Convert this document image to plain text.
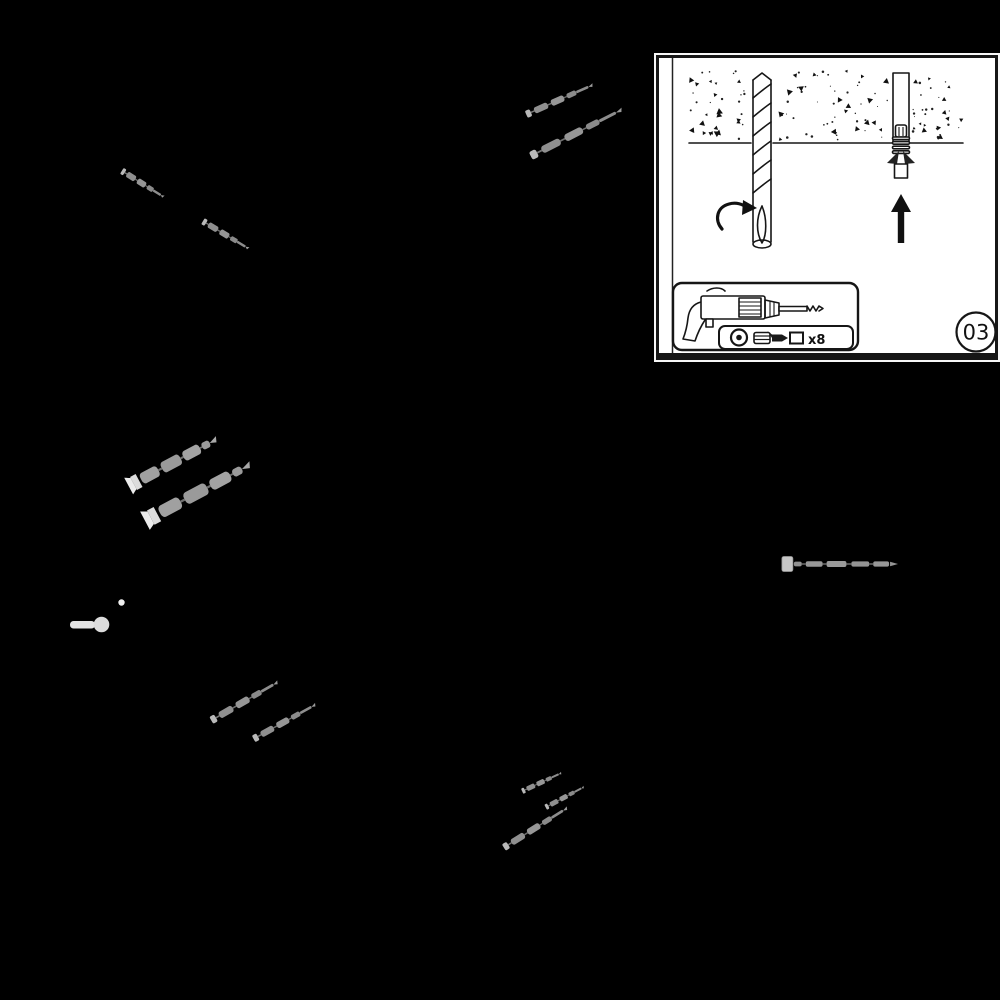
x8	03
